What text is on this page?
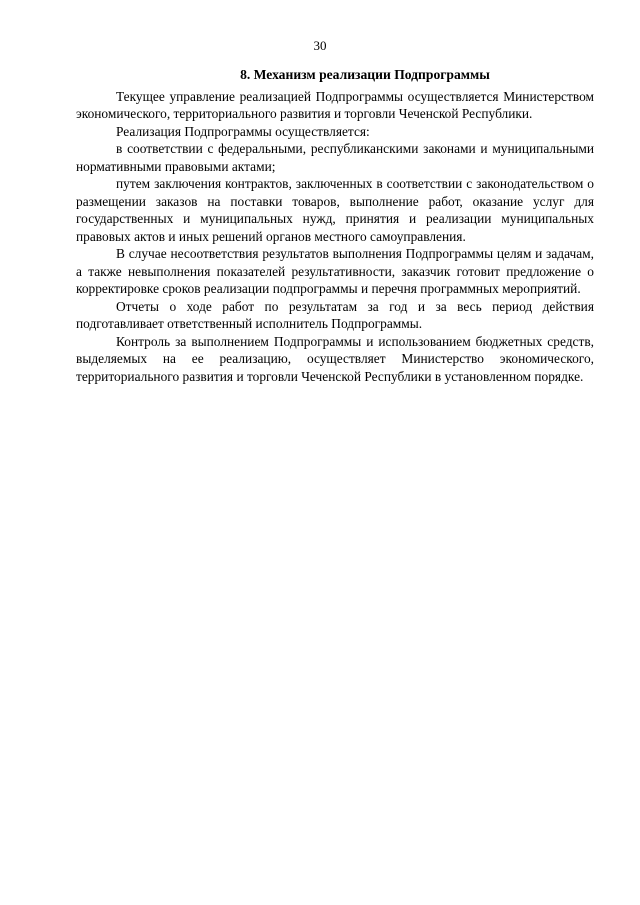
30
8. Механизм реализации Подпрограммы

Текущее управление реализацией Подпрограммы осуществляется Министерством экономического, территориального развития и торговли Чеченской Республики.

Реализация Подпрограммы осуществляется:

в соответствии с федеральными, республиканскими законами и муниципальными нормативными правовыми актами;

путем заключения контрактов, заключенных в соответствии с законодательством о размещении заказов на поставки товаров, выполнение работ, оказание услуг для государственных и муниципальных нужд, принятия и реализации муниципальных правовых актов и иных решений органов местного самоуправления.

В случае несоответствия результатов выполнения Подпрограммы целям и задачам, а также невыполнения показателей результативности, заказчик готовит предложение о корректировке сроков реализации подпрограммы и перечня программных мероприятий.

Отчеты о ходе работ по результатам за год и за весь период действия подготавливает ответственный исполнитель Подпрограммы.

Контроль за выполнением Подпрограммы и использованием бюджетных средств, выделяемых на ее реализацию, осуществляет Министерство экономического, территориального развития и торговли Чеченской Республики в установленном порядке.
